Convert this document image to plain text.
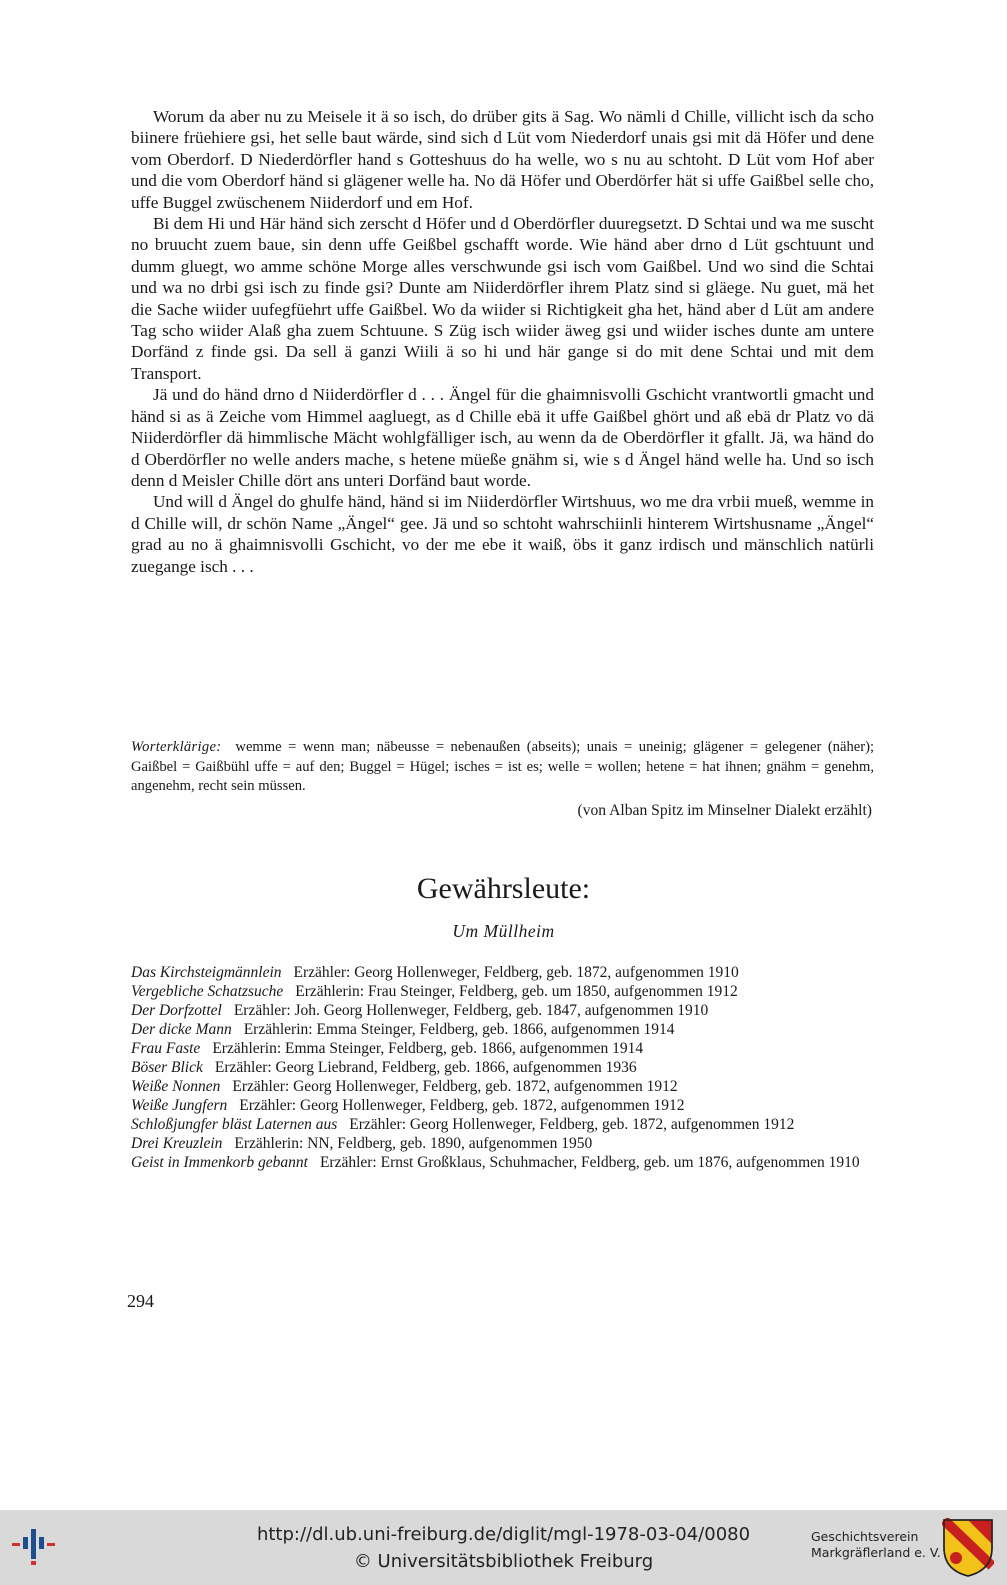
Worum da aber nu zu Meisele it ä so isch, do drüber gits ä Sag. Wo nämli d Chille, villicht isch da scho biinere früehiere gsi, het selle baut wärde, sind sich d Lüt vom Niederdorf unais gsi mit dä Höfer und dene vom Oberdorf. D Niederdörfler hand s Gotteshuus do ha welle, wo s nu au schtoht. D Lüt vom Hof aber und die vom Oberdorf händ si glägener welle ha. No dä Höfer und Oberdörfer hät si uffe Gaißbel selle cho, uffe Buggel zwüschenem Niiderdorf und em Hof.

Bi dem Hi und Här händ sich zerscht d Höfer und d Oberdörfler duuregsetzt. D Schtai und wa me suscht no bruucht zuem baue, sin denn uffe Geißbel gschafft worde. Wie händ aber drno d Lüt gschtuunt und dumm gluegt, wo amme schöne Morge alles verschwunde gsi isch vom Gaißbel. Und wo sind die Schtai und wa no drbi gsi isch zu finde gsi? Dunte am Niiderdörfler ihrem Platz sind si gläege. Nu guet, mä het die Sache wiider uufegfüehrt uffe Gaißbel. Wo da wiider si Richtigkeit gha het, händ aber d Lüt am andere Tag scho wiider Alaß gha zuem Schtuune. S Züg isch wiider äweg gsi und wiider isches dunte am untere Dorfänd z finde gsi. Da sell ä ganzi Wiili ä so hi und här gange si do mit dene Schtai und mit dem Transport.

Jä und do händ drno d Niiderdörfler d . . . Ängel für die ghaimnisvolli Gschicht vrantwortli gmacht und händ si as ä Zeiche vom Himmel aagluegt, as d Chille ebä it uffe Gaißbel ghört und aß ebä dr Platz vo dä Niiderdörfler dä himmlische Mächt wohlgfälliger isch, au wenn da de Oberdörfler it gfallt. Jä, wa händ do d Oberdörfler no welle anders mache, s hetene müeße gnähm si, wie s d Ängel händ welle ha. Und so isch denn d Meisler Chille dört ans unteri Dorfänd baut worde.

Und will d Ängel do ghulfe händ, händ si im Niiderdörfler Wirtshuus, wo me dra vrbii mueß, wemme in d Chille will, dr schön Name „Ängel“ gee. Jä und so schtoht wahrschiinli hinterem Wirtshusname „Ängel“ grad au no ä ghaimnisvolli Gschicht, vo der me ebe it waiß, öbs it ganz irdisch und mänschlich natürli zuegange isch . . .

Worterklärige: wemme = wenn man; näbeusse = nebenaußen (abseits); unais = uneinig; glägener = gelegener (näher); Gaißbel = Gaißbühl uffe = auf den; Buggel = Hügel; isches = ist es; welle = wollen; hetene = hat ihnen; gnähm = genehm, angenehm, recht sein müssen.
(von Alban Spitz im Minselner Dialekt erzählt)
Gewährsleute:
Um Müllheim
Das Kirchsteigmännlein Erzähler: Georg Hollenweger, Feldberg, geb. 1872, aufgenommen 1910
Vergebliche Schatzsuche Erzählerin: Frau Steinger, Feldberg, geb. um 1850, aufgenommen 1912
Der Dorfzottel Erzähler: Joh. Georg Hollenweger, Feldberg, geb. 1847, aufgenommen 1910
Der dicke Mann Erzählerin: Emma Steinger, Feldberg, geb. 1866, aufgenommen 1914
Frau Faste Erzählerin: Emma Steinger, Feldberg, geb. 1866, aufgenommen 1914
Böser Blick Erzähler: Georg Liebrand, Feldberg, geb. 1866, aufgenommen 1936
Weiße Nonnen Erzähler: Georg Hollenweger, Feldberg, geb. 1872, aufgenommen 1912
Weiße Jungfern Erzähler: Georg Hollenweger, Feldberg, geb. 1872, aufgenommen 1912
Schloßjungfer bläst Laternen aus Erzähler: Georg Hollenweger, Feldberg, geb. 1872, aufgenommen 1912
Drei Kreuzlein Erzählerin: NN, Feldberg, geb. 1890, aufgenommen 1950
Geist in Immenkorb gebannt Erzähler: Ernst Großklaus, Schuhmacher, Feldberg, geb. um 1876, aufgenommen 1910
294
http://dl.ub.uni-freiburg.de/diglit/mgl-1978-03-04/0080
© Universitätsbibliothek Freiburg
Geschichtsverein
Markgräflerland e. V.
